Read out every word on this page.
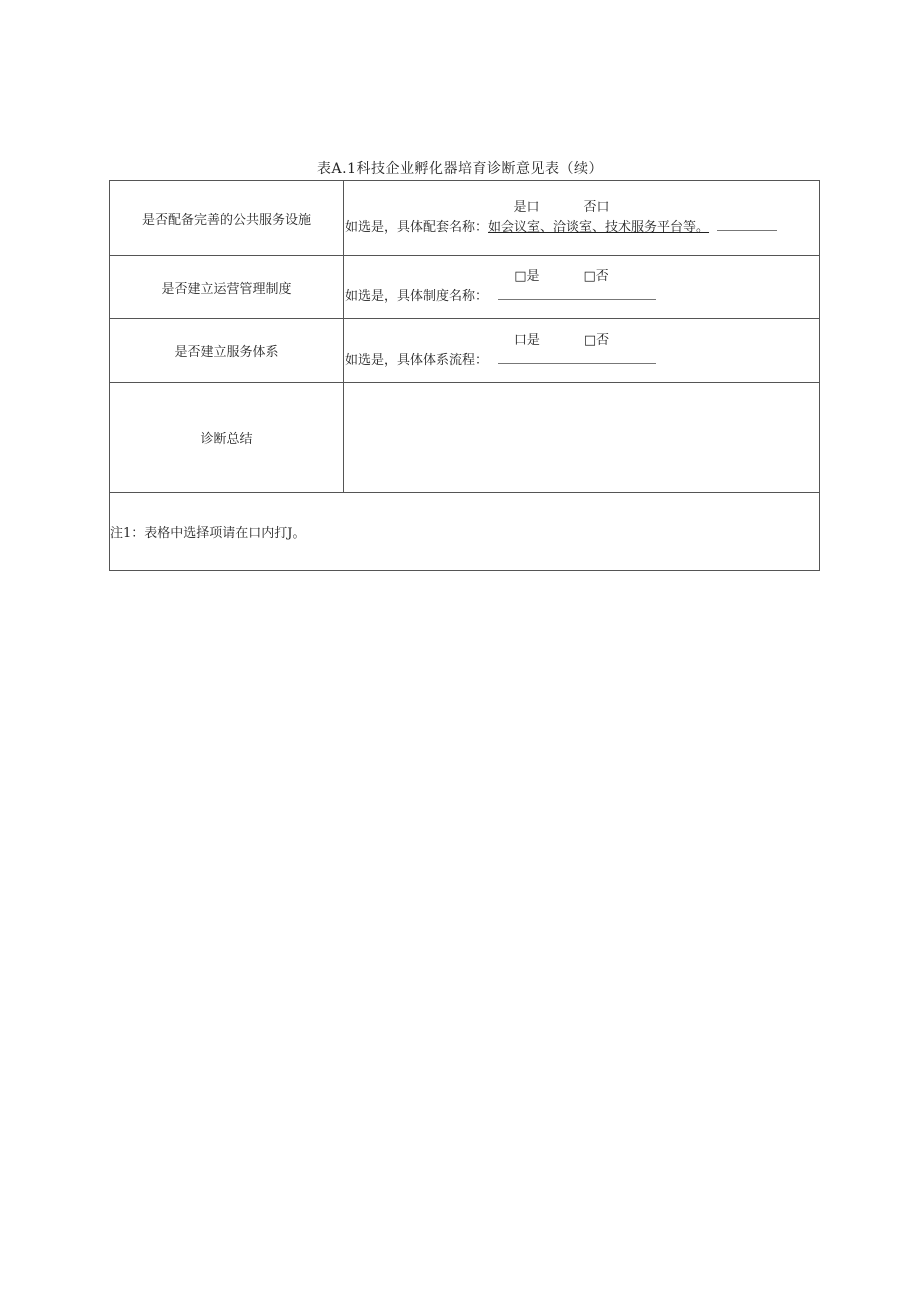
表A.1科技企业孵化器培育诊断意见表（续）
是否配备完善的公共服务设施	是口 否口
如选是，具体配套名称：如会议室、洽谈室、技术服务平台等。

是否建立运营管理制度	□是 □否
如选是，具体制度名称：

是否建立服务体系	口是 □否
如选是，具体体系流程：

诊断总结	
注1：表格中选择项请在口内打J。	
